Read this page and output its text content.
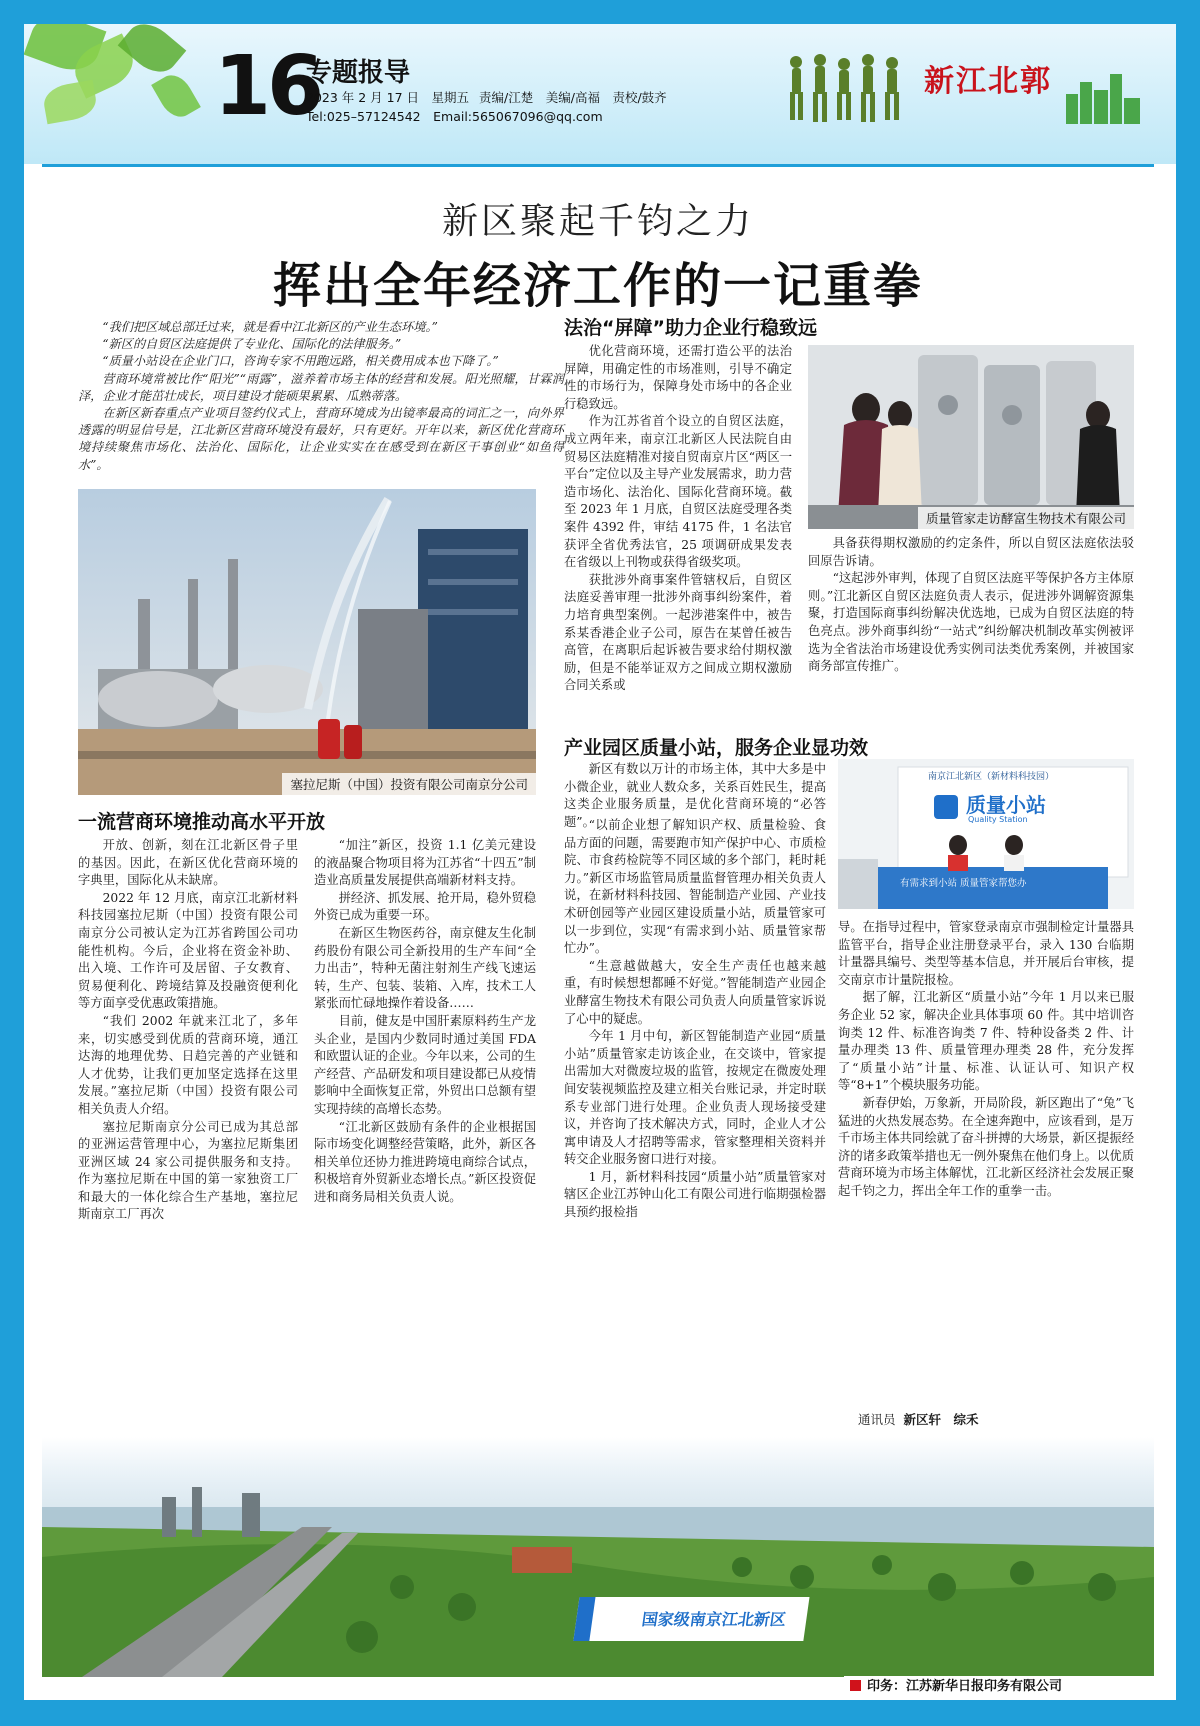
16
专题报导
2023 年 2 月 17 日　星期五 责编/江楚　美编/高福　责校/鼓齐
Tel:025–57124542　Email:565067096@qq.com
新江北郭
新区聚起千钧之力
挥出全年经济工作的一记重拳

“我们把区域总部迁过来，就是看中江北新区的产业生态环境。”

“新区的自贸区法庭提供了专业化、国际化的法律服务。”

“质量小站设在企业门口，咨询专家不用跑远路，相关费用成本也下降了。”

营商环境常被比作“阳光”“雨露”，滋养着市场主体的经营和发展。阳光照耀，甘霖润泽，企业才能茁壮成长，项目建设才能硕果累累、瓜熟蒂落。

在新区新春重点产业项目签约仪式上，营商环境成为出镜率最高的词汇之一，向外界透露的明显信号是，江北新区营商环境没有最好，只有更好。开年以来，新区优化营商环境持续聚焦市场化、法治化、国际化，让企业实实在在感受到在新区干事创业“如鱼得水”。

塞拉尼斯（中国）投资有限公司南京分公司
一流营商环境推动高水平开放

开放、创新，刻在江北新区骨子里的基因。因此，在新区优化营商环境的字典里，国际化从未缺席。

2022 年 12 月底，南京江北新材料科技园塞拉尼斯（中国）投资有限公司南京分公司被认定为江苏省跨国公司功能性机构。今后，企业将在资金补助、出入境、工作许可及居留、子女教育、贸易便利化、跨境结算及投融资便利化等方面享受优惠政策措施。

“我们 2002 年就来江北了，多年来，切实感受到优质的营商环境，通江达海的地理优势、日趋完善的产业链和人才优势，让我们更加坚定选择在这里发展。”塞拉尼斯（中国）投资有限公司相关负责人介绍。

塞拉尼斯南京分公司已成为其总部的亚洲运营管理中心，为塞拉尼斯集团亚洲区域 24 家公司提供服务和支持。作为塞拉尼斯在中国的第一家独资工厂和最大的一体化综合生产基地，塞拉尼斯南京工厂再次

“加注”新区，投资 1.1 亿美元建设的液晶聚合物项目将为江苏省“十四五”制造业高质量发展提供高端新材料支持。

拼经济、抓发展、抢开局，稳外贸稳外资已成为重要一环。

在新区生物医药谷，南京健友生化制药股份有限公司全新投用的生产车间“全力出击”，特种无菌注射剂生产线飞速运转，生产、包装、装箱、入库，技术工人紧张而忙碌地操作着设备……

目前，健友是中国肝素原料药生产龙头企业，是国内少数同时通过美国 FDA 和欧盟认证的企业。今年以来，公司的生产经营、产品研发和项目建设都已从疫情影响中全面恢复正常，外贸出口总额有望实现持续的高增长态势。

“江北新区鼓励有条件的企业根据国际市场变化调整经营策略，此外，新区各相关单位还协力推进跨境电商综合试点，积极培育外贸新业态增长点。”新区投资促进和商务局相关负责人说。

法治“屏障”助力企业行稳致远

优化营商环境，还需打造公平的法治屏障，用确定性的市场准则，引导不确定性的市场行为，保障身处市场中的各企业行稳致远。

作为江苏省首个设立的自贸区法庭，成立两年来，南京江北新区人民法院自由贸易区法庭精准对接自贸南京片区“两区一平台”定位以及主导产业发展需求，助力营造市场化、法治化、国际化营商环境。截至 2023 年 1 月底，自贸区法庭受理各类案件 4392 件，审结 4175 件，1 名法官获评全省优秀法官，25 项调研成果发表在省级以上刊物或获得省级奖项。

获批涉外商事案件管辖权后，自贸区法庭妥善审理一批涉外商事纠纷案件，着力培育典型案例。一起涉港案件中，被告系某香港企业子公司，原告在某曾任被告高管，在离职后起诉被告要求给付期权激励，但是不能举证双方之间成立期权激励合同关系或

质量管家走访酵富生物技术有限公司

具备获得期权激励的约定条件，所以自贸区法庭依法驳回原告诉请。

“这起涉外审判，体现了自贸区法庭平等保护各方主体原则。”江北新区自贸区法庭负责人表示，促进涉外调解资源集聚，打造国际商事纠纷解决优选地，已成为自贸区法庭的特色亮点。涉外商事纠纷“一站式”纠纷解决机制改革实例被评选为全省法治市场建设优秀实例司法类优秀案例，并被国家商务部宣传推广。

产业园区质量小站，服务企业显功效
南京江北新区（新材料科技园）
质量小站
Quality Station
有需求到小站 质量管家帮您办

新区有数以万计的市场主体，其中大多是中小微企业，就业人数众多，关系百姓民生，提高这类企业服务质量，是优化营商环境的“必答题”。

“以前企业想了解知识产权、质量检验、食品方面的问题，需要跑市知产保护中心、市质检院、市食药检院等不同区域的多个部门，耗时耗力。”新区市场监管局质量监督管理办相关负责人说，在新材料科技园、智能制造产业园、产业技术研创园等产业园区建设质量小站，质量管家可以一步到位，实现“有需求到小站、质量管家帮忙办”。

“生意越做越大，安全生产责任也越来越重，有时候想想都睡不好觉。”智能制造产业园企业酵富生物技术有限公司负责人向质量管家诉说了心中的疑虑。

今年 1 月中旬，新区智能制造产业园“质量小站”质量管家走访该企业，在交谈中，管家提出需加大对微废垃圾的监管，按规定在微废处理间安装视频监控及建立相关台账记录，并定时联系专业部门进行处理。企业负责人现场接受建议，并咨询了技术解决方式，同时，企业人才公寓申请及人才招聘等需求，管家整理相关资料并转交企业服务窗口进行对接。

1 月，新材料科技园“质量小站”质量管家对辖区企业江苏钟山化工有限公司进行临期强检器具预约报检指

导。在指导过程中，管家登录南京市强制检定计量器具监管平台，指导企业注册登录平台，录入 130 台临期计量器具编号、类型等基本信息，并开展后台审核，提交南京市计量院报检。

据了解，江北新区“质量小站”今年 1 月以来已服务企业 52 家，解决企业具体事项 60 件。其中培训咨询类 12 件、标准咨询类 7 件、特种设备类 2 件、计量办理类 13 件、质量管理办理类 28 件，充分发挥了“质量小站”计量、标准、认证认可、知识产权等“8+1”个模块服务功能。

新春伊始，万象新，开局阶段，新区跑出了“兔”飞猛进的火热发展态势。在全速奔跑中，应该看到，是万千市场主体共同绘就了奋斗拼搏的大场景，新区提振经济的诸多政策举措也无一例外聚焦在他们身上。以优质营商环境为市场主体解忧，江北新区经济社会发展正聚起千钧之力，挥出全年工作的重拳一击。

通讯员 新区轩　综禾
国家级南京江北新区
印务：江苏新华日报印务有限公司
